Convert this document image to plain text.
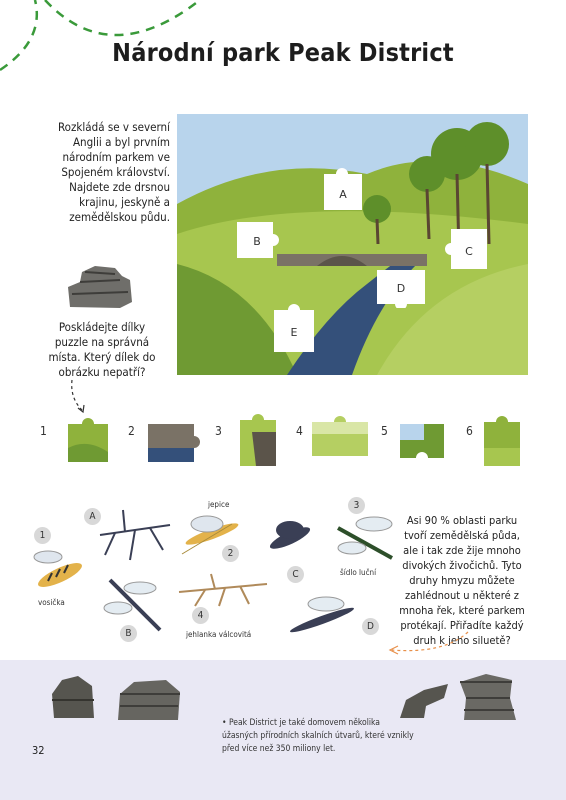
Národní park Peak District
Rozkládá se v severní Anglii a byl prvním národním parkem ve Spojeném království. Najdete zde drsnou krajinu, jeskyně a zemědělskou půdu.
Poskládejte dílky puzzle na správná místa. Který dílek do obrázku nepatří?
A
B
C
D
E
1	2	3	4	5	6
A
jepice
2
C
3
šídlo luční
1
vosička
B
4
jehlanka válcovitá
D
Asi 90 % oblasti parku tvoří zemědělská půda, ale i tak zde žije mnoho divokých živočichů. Tyto druhy hmyzu můžete zahlédnout u některé z mnoha řek, které parkem protékají. Přiřadíte každý druh k jeho siluetě?
• Peak District je také domovem několika úžasných přírodních skalních útvarů, které vznikly před více než 350 miliony let.
32
